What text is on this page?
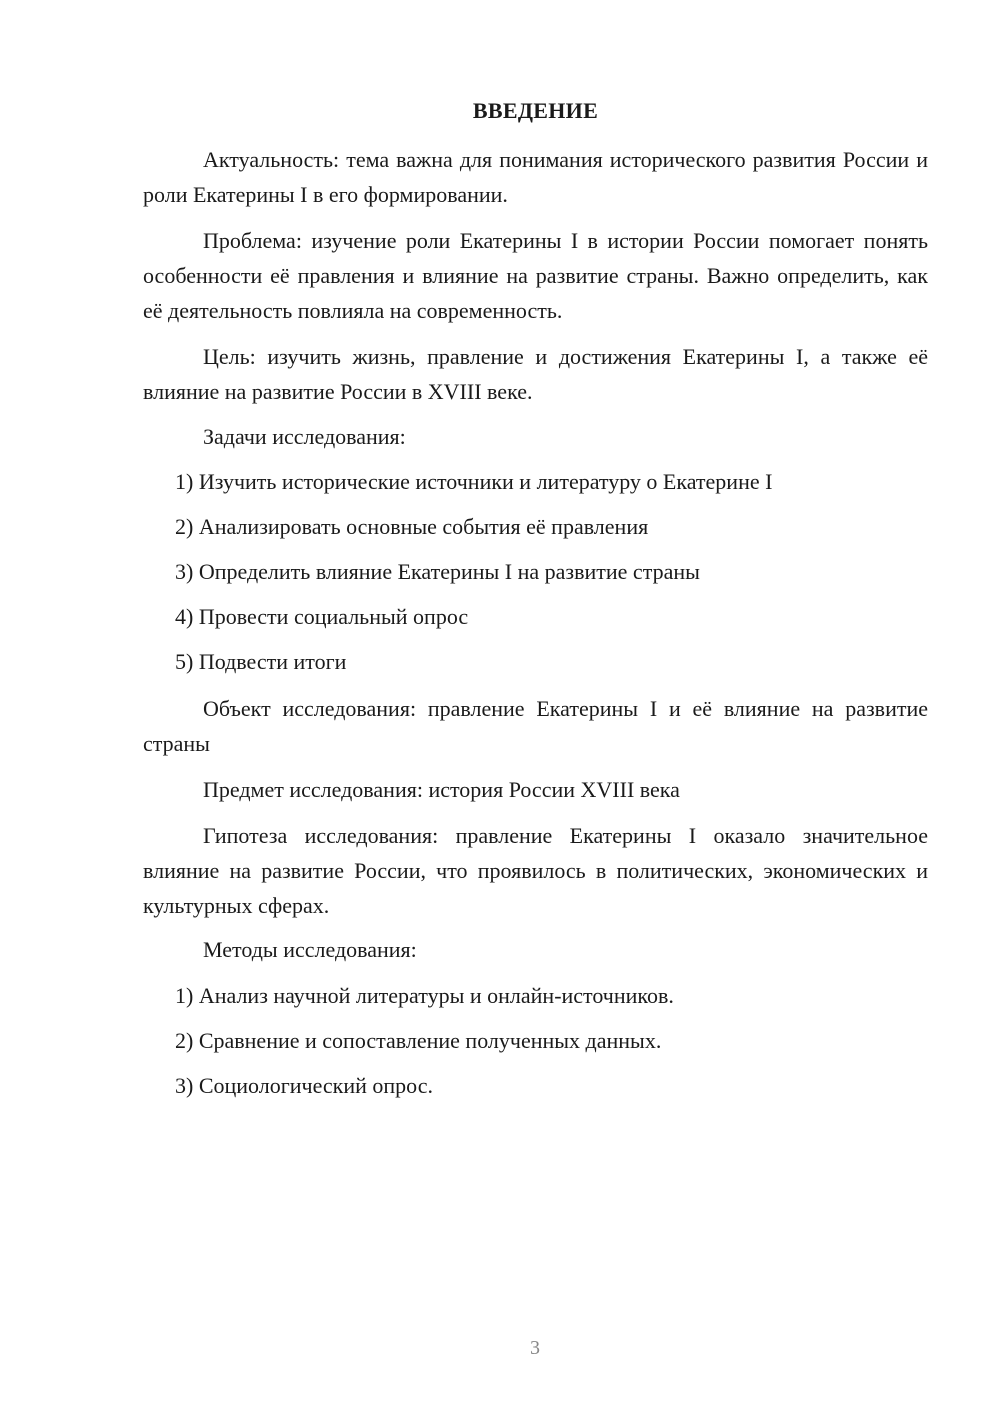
ВВЕДЕНИЕ

Актуальность: тема важна для понимания исторического развития России и роли Екатерины I в его формировании.

Проблема: изучение роли Екатерины I в истории России помогает понять особенности её правления и влияние на развитие страны. Важно определить, как её деятельность повлияла на современность.

Цель: изучить жизнь, правление и достижения Екатерины I, а также её влияние на развитие России в XVIII веке.

Задачи исследования:
1) Изучить исторические источники и литературу о Екатерине I
2) Анализировать основные события её правления
3) Определить влияние Екатерины I на развитие страны
4) Провести социальный опрос
5) Подвести итоги

Объект исследования: правление Екатерины I и её влияние на развитие страны

Предмет исследования: история России XVIII века

Гипотеза исследования: правление Екатерины I оказало значительное влияние на развитие России, что проявилось в политических, экономических и культурных сферах.

Методы исследования:
1) Анализ научной литературы и онлайн-источников.
2) Сравнение и сопоставление полученных данных.
3) Социологический опрос.
3
